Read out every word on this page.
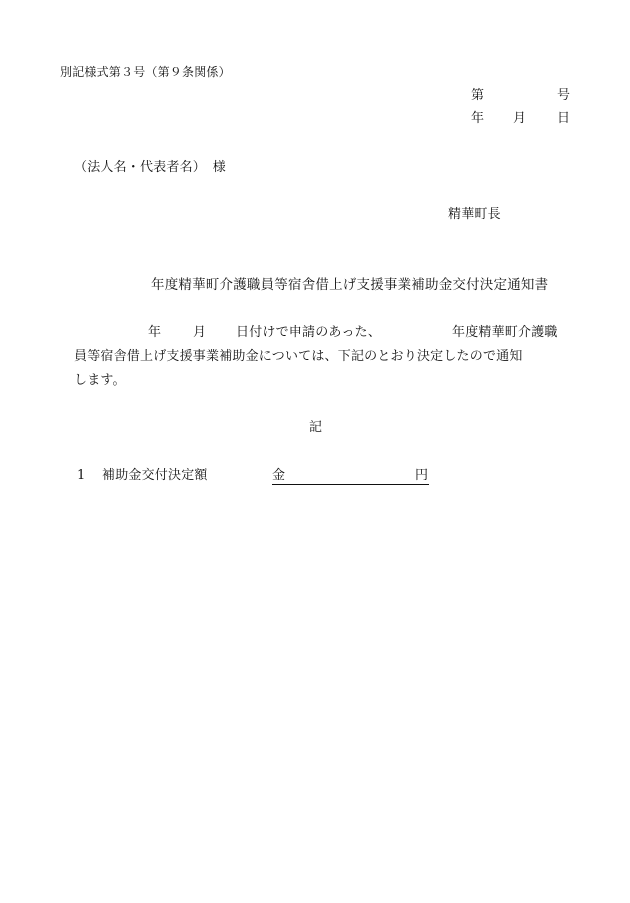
別記様式第３号（第９条関係）
第	号
年 月 日
（法人名・代表者名）　様
精華町長
年度精華町介護職員等宿舎借上げ支援事業補助金交付決定通知書
年 月 日付けで申請のあった、	年度精華町介護職
員等宿舎借上げ支援事業補助金については、下記のとおり決定したので通知
します。
記
1 補助金交付決定額	金	円
